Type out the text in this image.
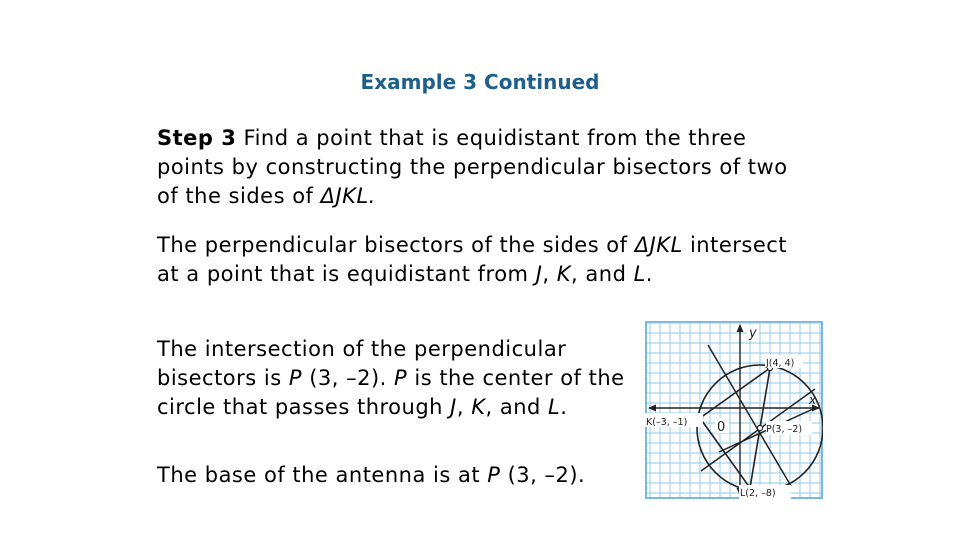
Example 3 Continued

Step 3 Find a point that is equidistant from the three points by constructing the perpendicular bisectors of two of the sides of ΔJKL.

The perpendicular bisectors of the sides of ΔJKL intersect at a point that is equidistant from J, K, and L.

The intersection of the perpendicular bisectors is P (3, –2). P is the center of the circle that passes through J, K, and L.

The base of the antenna is at P (3, –2).

y
x
J(4, 4)
K(–3, –1) 0	P(3, –2)
L(2, –8)
